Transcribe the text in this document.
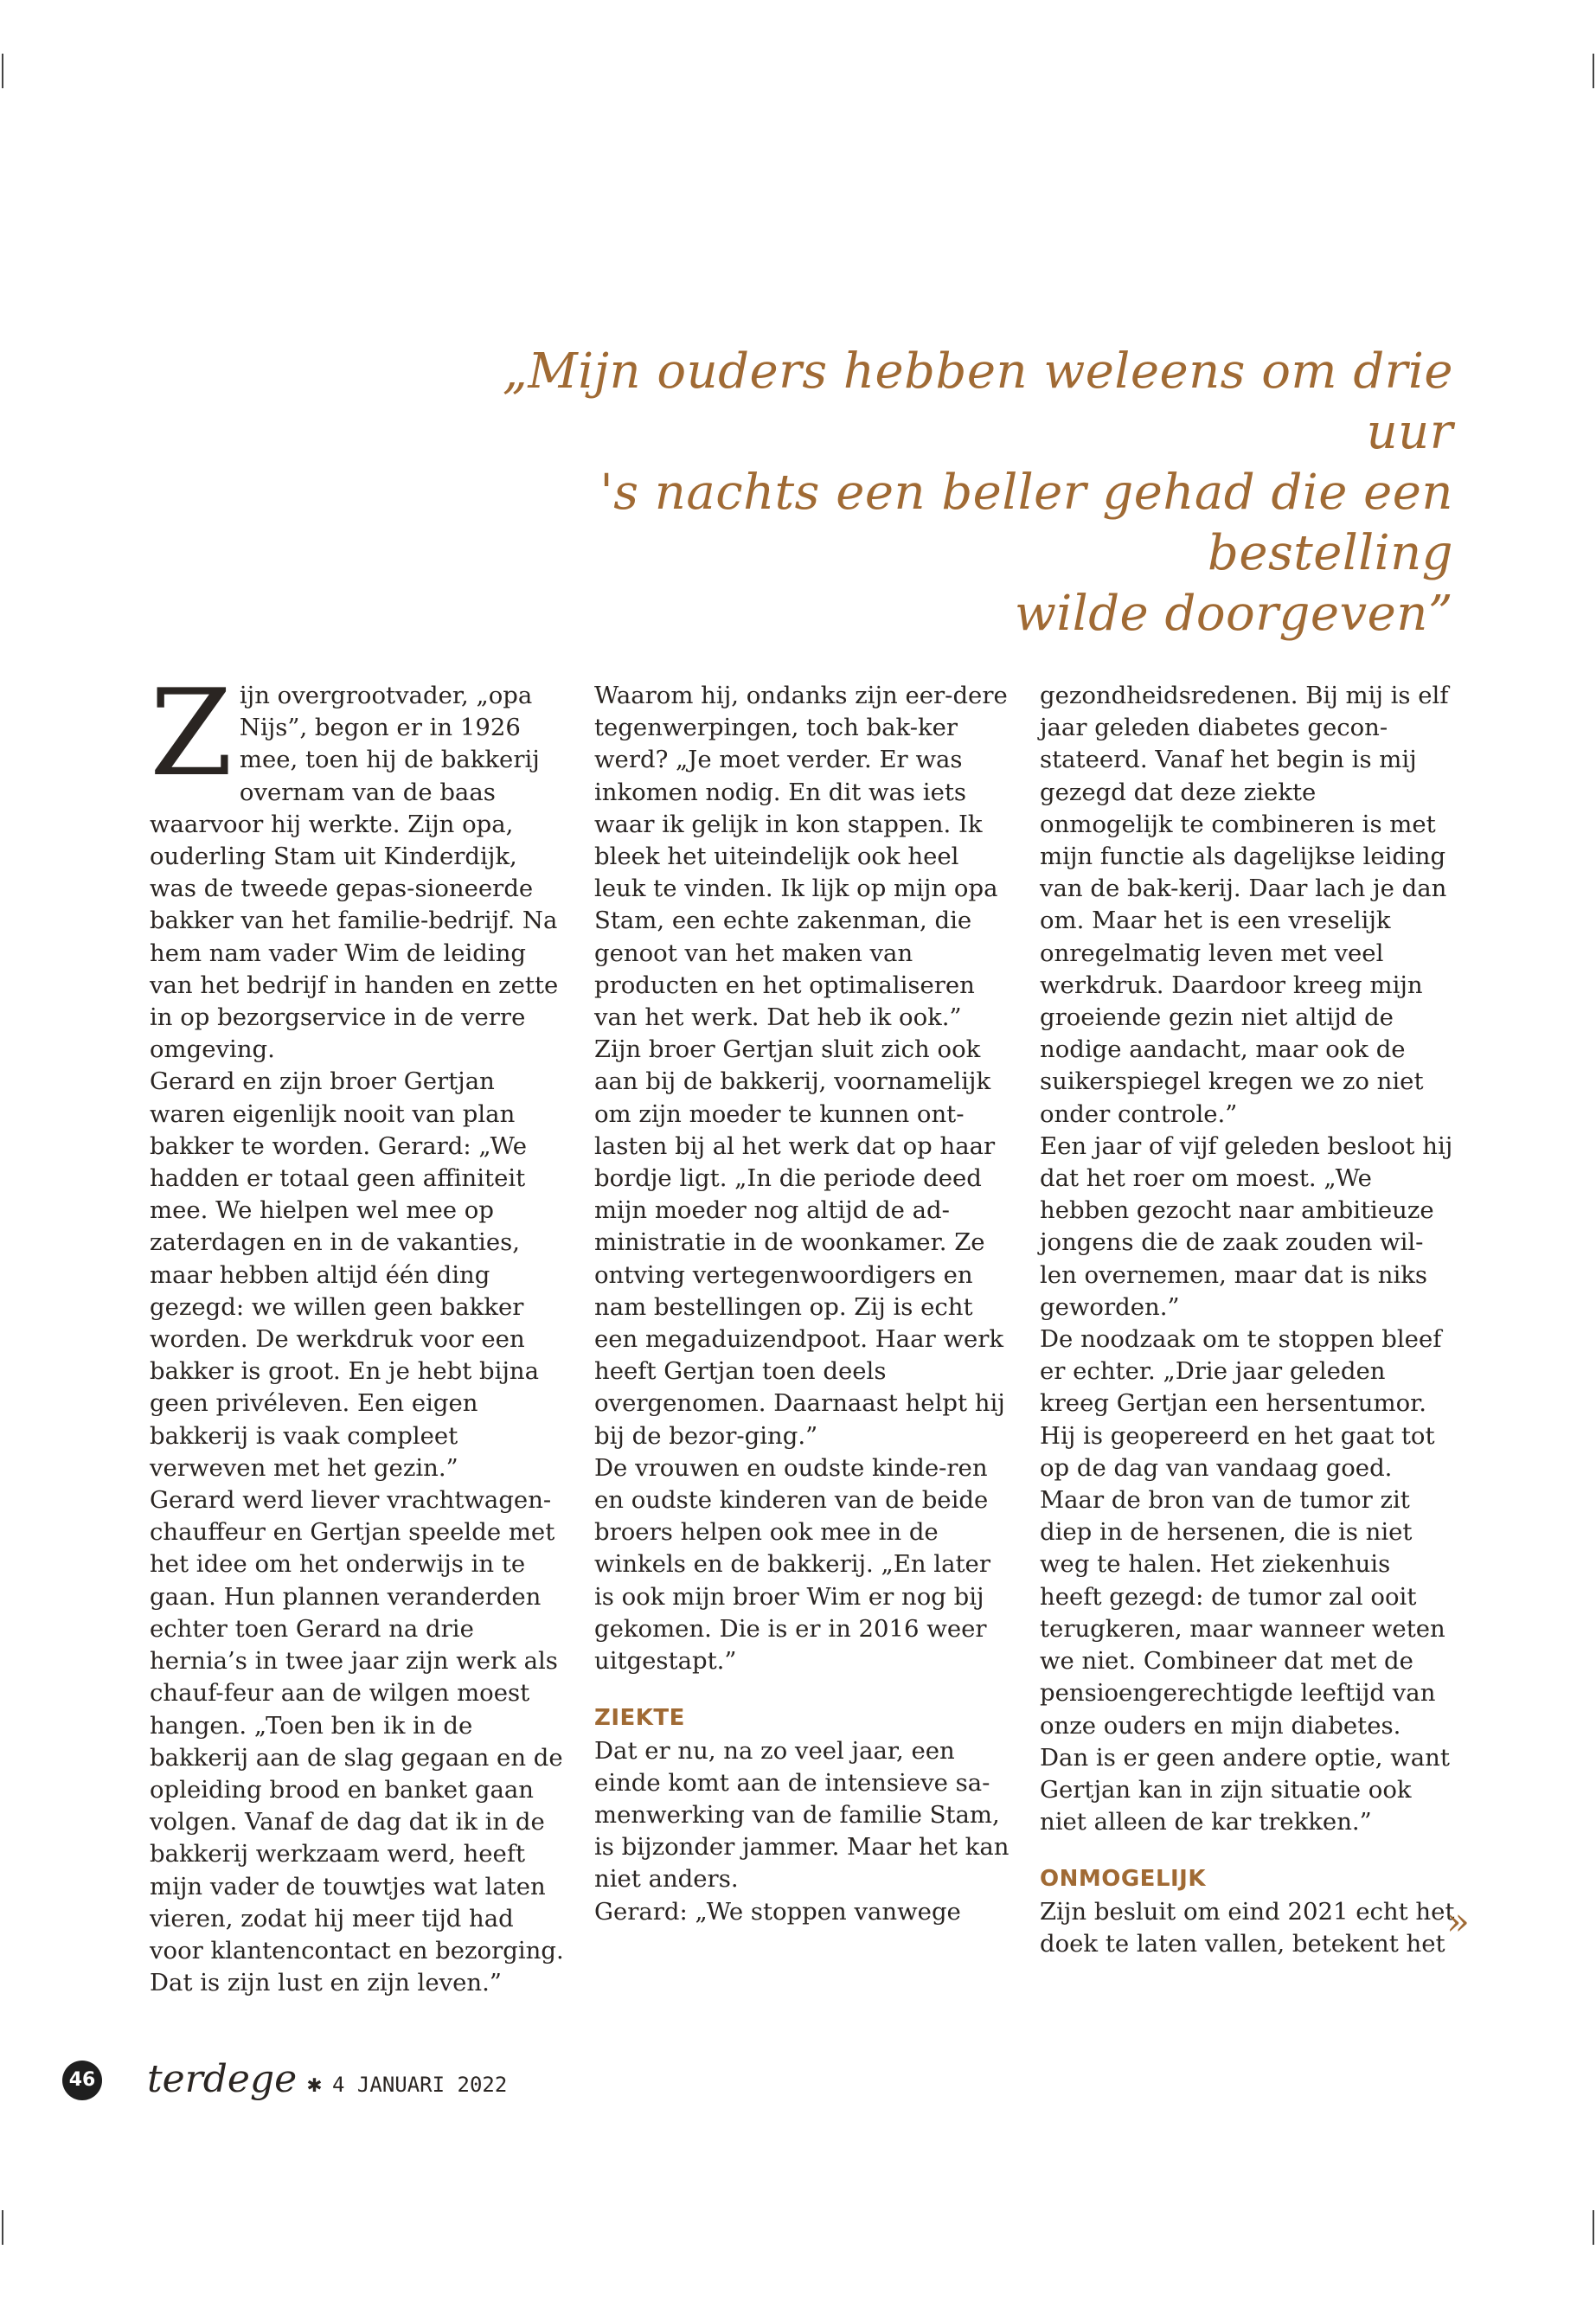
„Mijn ouders hebben weleens om drie uur
's nachts een beller gehad die een bestelling
wilde doorgeven”

Zijn overgrootvader, „opa Nijs”, begon er in 1926 mee, toen hij de bakkerij overnam van de baas waarvoor hij werkte. Zijn opa, ouderling Stam uit Kinderdijk, was de tweede gepas-sioneerde bakker van het familie-bedrijf. Na hem nam vader Wim de leiding van het bedrijf in handen en zette in op bezorgservice in de verre omgeving.

Gerard en zijn broer Gertjan waren eigenlijk nooit van plan bakker te worden. Gerard: „We hadden er totaal geen affiniteit mee. We hielpen wel mee op zaterdagen en in de vakanties, maar hebben altijd één ding gezegd: we willen geen bakker worden. De werkdruk voor een bakker is groot. En je hebt bijna geen privéleven. Een eigen bakkerij is vaak compleet verweven met het gezin.”

Gerard werd liever vrachtwagen-chauffeur en Gertjan speelde met het idee om het onderwijs in te gaan. Hun plannen veranderden echter toen Gerard na drie hernia’s in twee jaar zijn werk als chauf-feur aan de wilgen moest hangen. „Toen ben ik in de bakkerij aan de slag gegaan en de opleiding brood en banket gaan volgen. Vanaf de dag dat ik in de bakkerij werkzaam werd, heeft mijn vader de touwtjes wat laten vieren, zodat hij meer tijd had voor klantencontact en bezorging. Dat is zijn lust en zijn leven.”

Waarom hij, ondanks zijn eer-dere tegenwerpingen, toch bak-ker werd? „Je moet verder. Er was inkomen nodig. En dit was iets waar ik gelijk in kon stappen. Ik bleek het uiteindelijk ook heel leuk te vinden. Ik lijk op mijn opa Stam, een echte zakenman, die genoot van het maken van producten en het optimaliseren van het werk. Dat heb ik ook.”

Zijn broer Gertjan sluit zich ook aan bij de bakkerij, voornamelijk om zijn moeder te kunnen ont-lasten bij al het werk dat op haar bordje ligt. „In die periode deed mijn moeder nog altijd de ad-ministratie in de woonkamer. Ze ontving vertegenwoordigers en nam bestellingen op. Zij is echt een megaduizendpoot. Haar werk heeft Gertjan toen deels overgenomen. Daarnaast helpt hij bij de bezor-ging.”

De vrouwen en oudste kinde-ren en oudste kinderen van de beide broers helpen ook mee in de winkels en de bakkerij. „En later is ook mijn broer Wim er nog bij gekomen. Die is er in 2016 weer uitgestapt.”

ZIEKTE

Dat er nu, na zo veel jaar, een einde komt aan de intensieve sa-menwerking van de familie Stam, is bijzonder jammer. Maar het kan niet anders.

Gerard: „We stoppen vanwege

gezondheidsredenen. Bij mij is elf jaar geleden diabetes gecon-stateerd. Vanaf het begin is mij gezegd dat deze ziekte onmogelijk te combineren is met mijn functie als dagelijkse leiding van de bak-kerij. Daar lach je dan om. Maar het is een vreselijk onregelmatig leven met veel werkdruk. Daardoor kreeg mijn groeiende gezin niet altijd de nodige aandacht, maar ook de suikerspiegel kregen we zo niet onder controle.”

Een jaar of vijf geleden besloot hij dat het roer om moest. „We hebben gezocht naar ambitieuze jongens die de zaak zouden wil-len overnemen, maar dat is niks geworden.”

De noodzaak om te stoppen bleef er echter. „Drie jaar geleden kreeg Gertjan een hersentumor. Hij is geopereerd en het gaat tot op de dag van vandaag goed. Maar de bron van de tumor zit diep in de hersenen, die is niet weg te halen. Het ziekenhuis heeft gezegd: de tumor zal ooit terugkeren, maar wanneer weten we niet. Combineer dat met de pensioengerechtigde leeftijd van onze ouders en mijn diabetes. Dan is er geen andere optie, want Gertjan kan in zijn situatie ook niet alleen de kar trekken.”

ONMOGELIJK

Zijn besluit om eind 2021 echt het doek te laten vallen, betekent het »
46 terdege ✱ 4 JANUARI 2022
